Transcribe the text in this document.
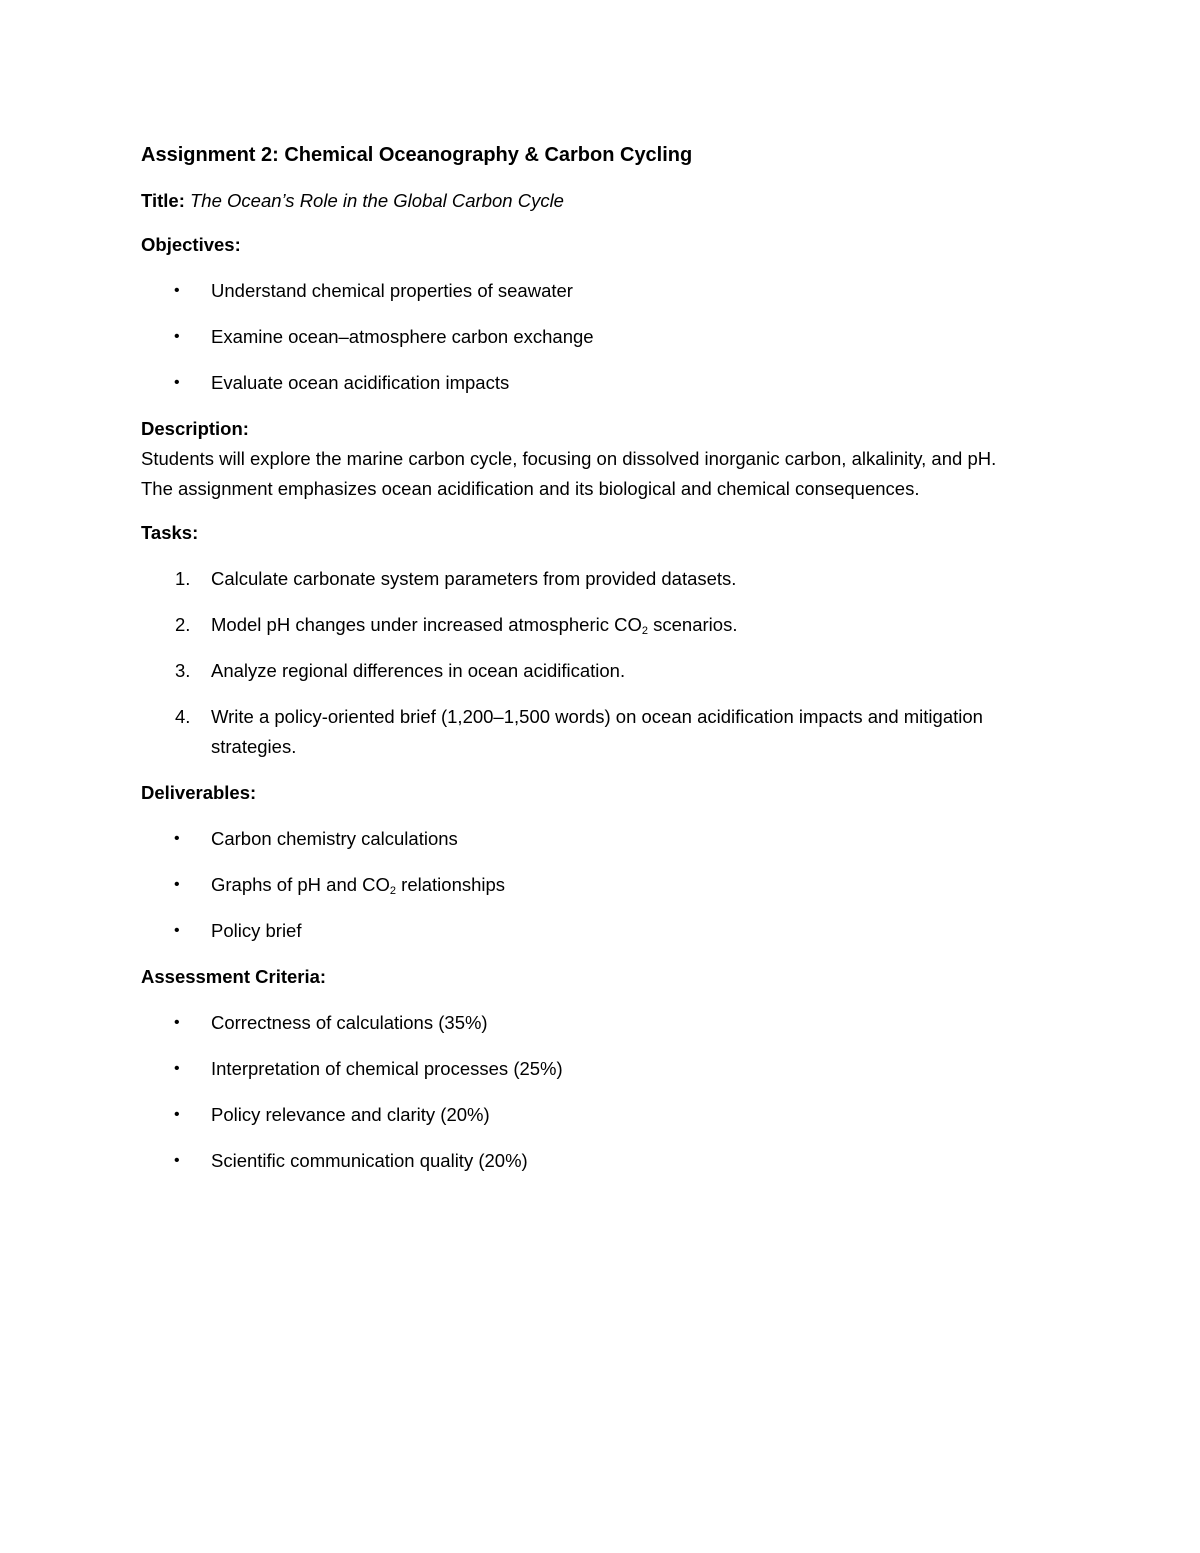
Assignment 2: Chemical Oceanography & Carbon Cycling

Title: The Ocean’s Role in the Global Carbon Cycle

Objectives:

• Understand chemical properties of seawater
• Examine ocean–atmosphere carbon exchange
• Evaluate ocean acidification impacts

Description:

Students will explore the marine carbon cycle, focusing on dissolved inorganic carbon, alkalinity, and pH.
The assignment emphasizes ocean acidification and its biological and chemical consequences.

Tasks:

1. Calculate carbonate system parameters from provided datasets.
2. Model pH changes under increased atmospheric $CO_2$ scenarios.
3. Analyze regional differences in ocean acidification.
4. Write a policy-oriented brief (1,200–1,500 words) on ocean acidification impacts and mitigation strategies.

Deliverables:

• Carbon chemistry calculations
• Graphs of pH and $CO_2$ relationships
• Policy brief

Assessment Criteria:

• Correctness of calculations (35%)
• Interpretation of chemical processes (25%)
• Policy relevance and clarity (20%)
• Scientific communication quality (20%)
